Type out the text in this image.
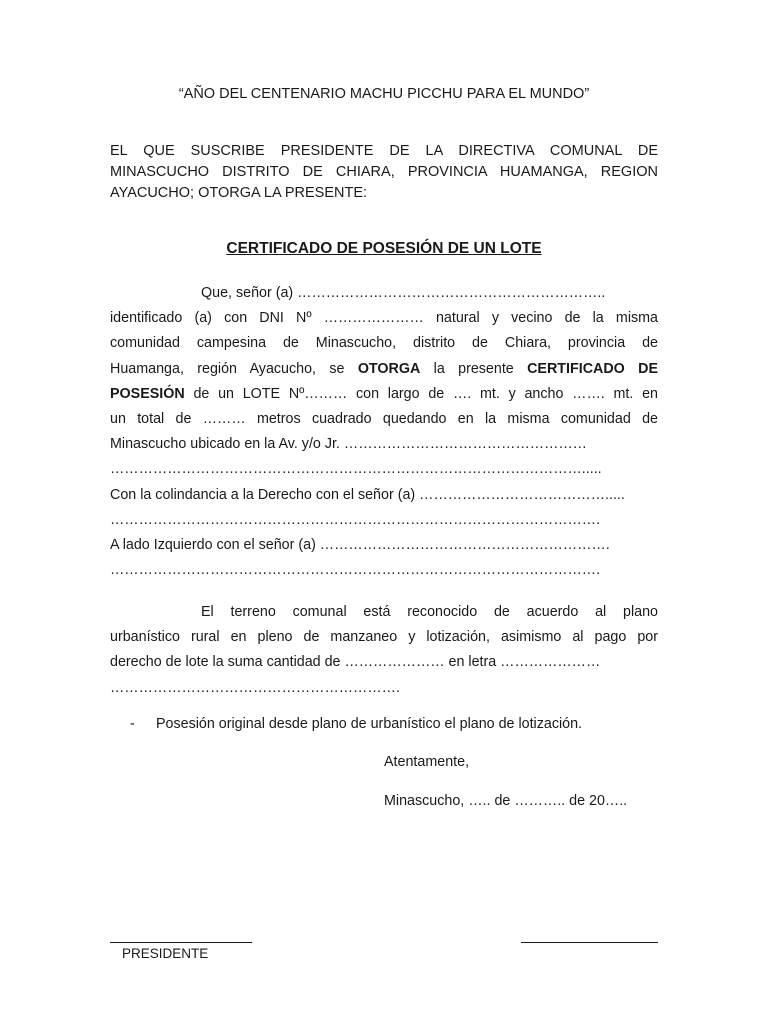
“AÑO DEL CENTENARIO MACHU PICCHU PARA EL MUNDO”
EL QUE SUSCRIBE PRESIDENTE DE LA DIRECTIVA COMUNAL DE MINASCUCHO DISTRITO DE CHIARA, PROVINCIA HUAMANGA, REGION AYACUCHO; OTORGA LA PRESENTE:
CERTIFICADO DE POSESIÓN DE UN LOTE
Que, señor (a) ………………………………………………………..
identificado (a) con DNI Nº ………………… natural y vecino de la misma
comunidad campesina de Minascucho, distrito de Chiara, provincia de
Huamanga, región Ayacucho, se OTORGA la presente CERTIFICADO DE
POSESIÓN de un LOTE Nº……… con largo de …. mt. y ancho ……. mt. en
un total de ……… metros cuadrado quedando en la misma comunidad de
Minascucho ubicado en la Av. y/o Jr. ……………………………………………
……………………………………………………………………………………….....
Con la colindancia a la Derecho con el señor (a) ………………………………….....
………………………………………………………………………………………….
A lado Izquierdo con el señor (a) …………………………………………………….
………………………………………………………………………………………….
El terreno comunal está reconocido de acuerdo al plano
urbanístico rural en pleno de manzaneo y lotización, asimismo al pago por
derecho de lote la suma cantidad de ………………… en letra …………………
…………………………………………………….
- Posesión original desde plano de urbanístico el plano de lotización.
Atentamente,
Minascucho, ….. de ……….. de 20…..
PRESIDENTE
